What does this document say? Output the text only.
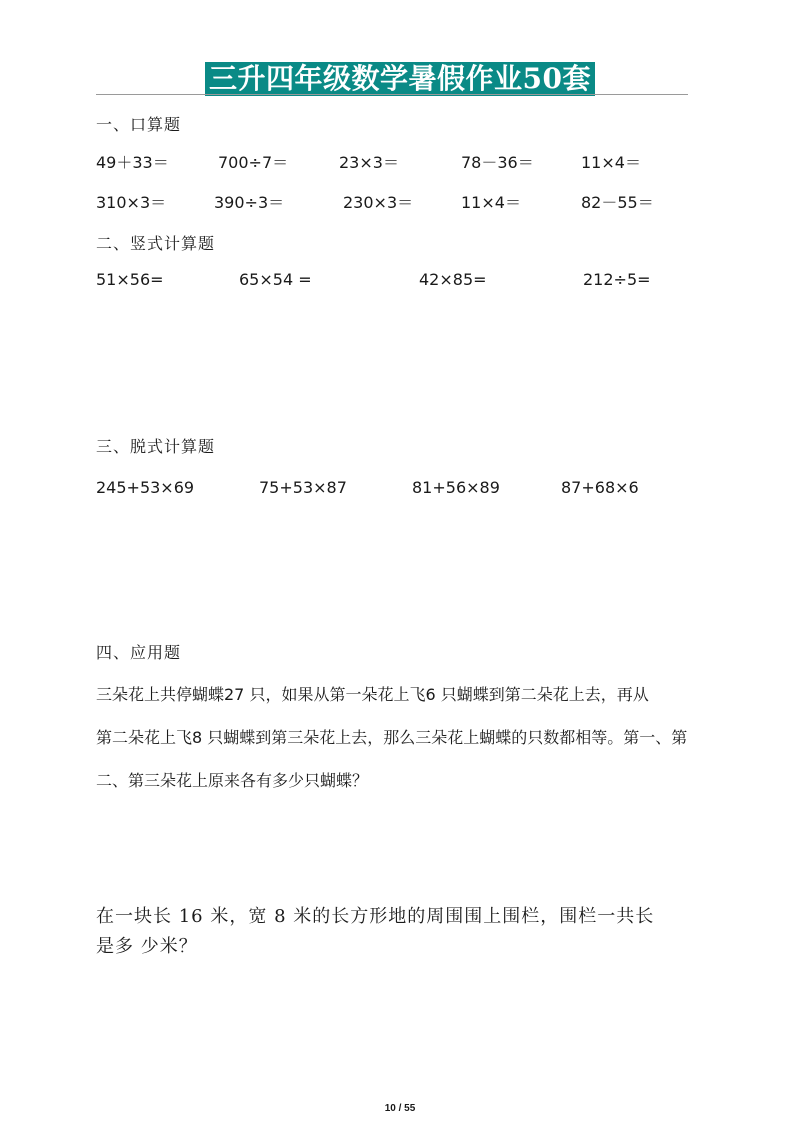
三升四年级数学暑假作业50套
一、口算题
49＋33＝	700÷7＝	23×3＝	78－36＝	11×4＝
310×3＝	390÷3＝	230×3＝	11×4＝	82－55＝
二、竖式计算题
51×56=	65×54 =	42×85=	212÷5=
三、脱式计算题
245+53×69	75+53×87	81+56×89	87+68×6
四、应用题
三朵花上共停蝴蝶27 只，如果从第一朵花上飞6 只蝴蝶到第二朵花上去，再从
第二朵花上飞8 只蝴蝶到第三朵花上去，那么三朵花上蝴蝶的只数都相等。第一、第
二、第三朵花上原来各有多少只蝴蝶？
在一块长 16 米，宽 8 米的长方形地的周围围上围栏，围栏一共长
是多 少米？
10 / 55
